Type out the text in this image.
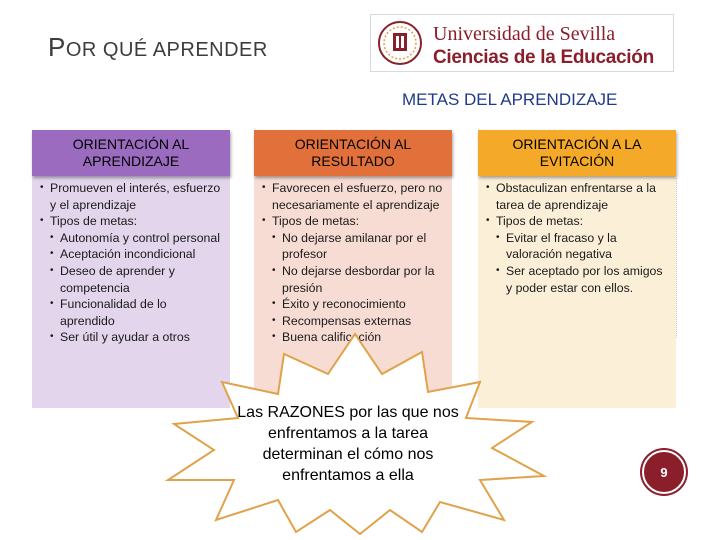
POR QUÉ APRENDER
Universidad de Sevilla
Ciencias de la Educación
METAS DEL APRENDIZAJE
ORIENTACIÓN AL APRENDIZAJE
• Promueven el interés, esfuerzo y el aprendizaje
• Tipos de metas:
• Autonomía y control personal
• Aceptación incondicional
• Deseo de aprender y competencia
• Funcionalidad de lo aprendido
• Ser útil y ayudar a otros
ORIENTACIÓN AL RESULTADO
• Favorecen el esfuerzo, pero no necesariamente el aprendizaje
• Tipos de metas:
• No dejarse amilanar por el profesor
• No dejarse desbordar por la presión
• Éxito y reconocimiento
• Recompensas externas
• Buena calificación
ORIENTACIÓN A LA EVITACIÓN
• Obstaculizan enfrentarse a la tarea de aprendizaje
• Tipos de metas:
• Evitar el fracaso y la valoración negativa
• Ser aceptado por los amigos y poder estar con ellos.
Las RAZONES por las que nos enfrentamos a la tarea determinan el cómo nos enfrentamos a ella	9
